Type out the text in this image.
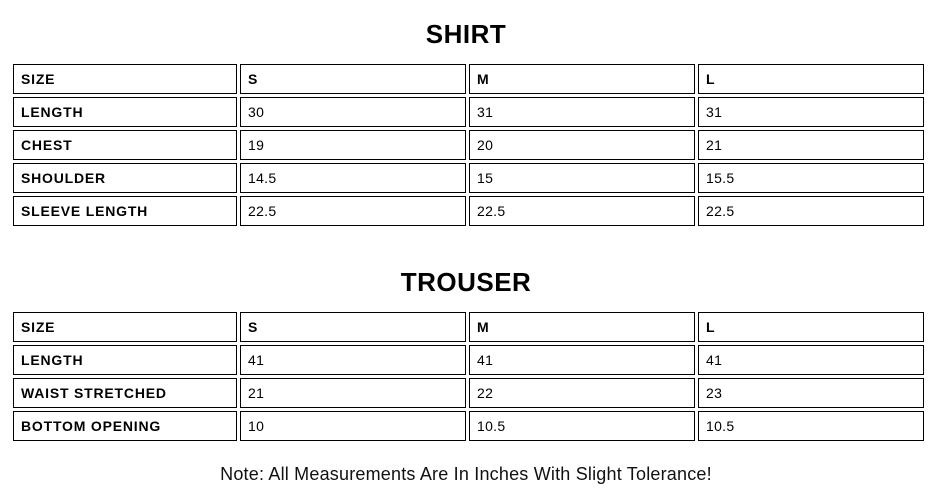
SHIRT
SIZE	S	M	L
LENGTH	30	31	31
CHEST	19	20	21
SHOULDER	14.5	15	15.5
SLEEVE LENGTH	22.5	22.5	22.5
TROUSER
SIZE	S	M	L
LENGTH	41	41	41
WAIST STRETCHED	21	22	23
BOTTOM OPENING	10	10.5	10.5
Note: All Measurements Are In Inches With Slight Tolerance!
